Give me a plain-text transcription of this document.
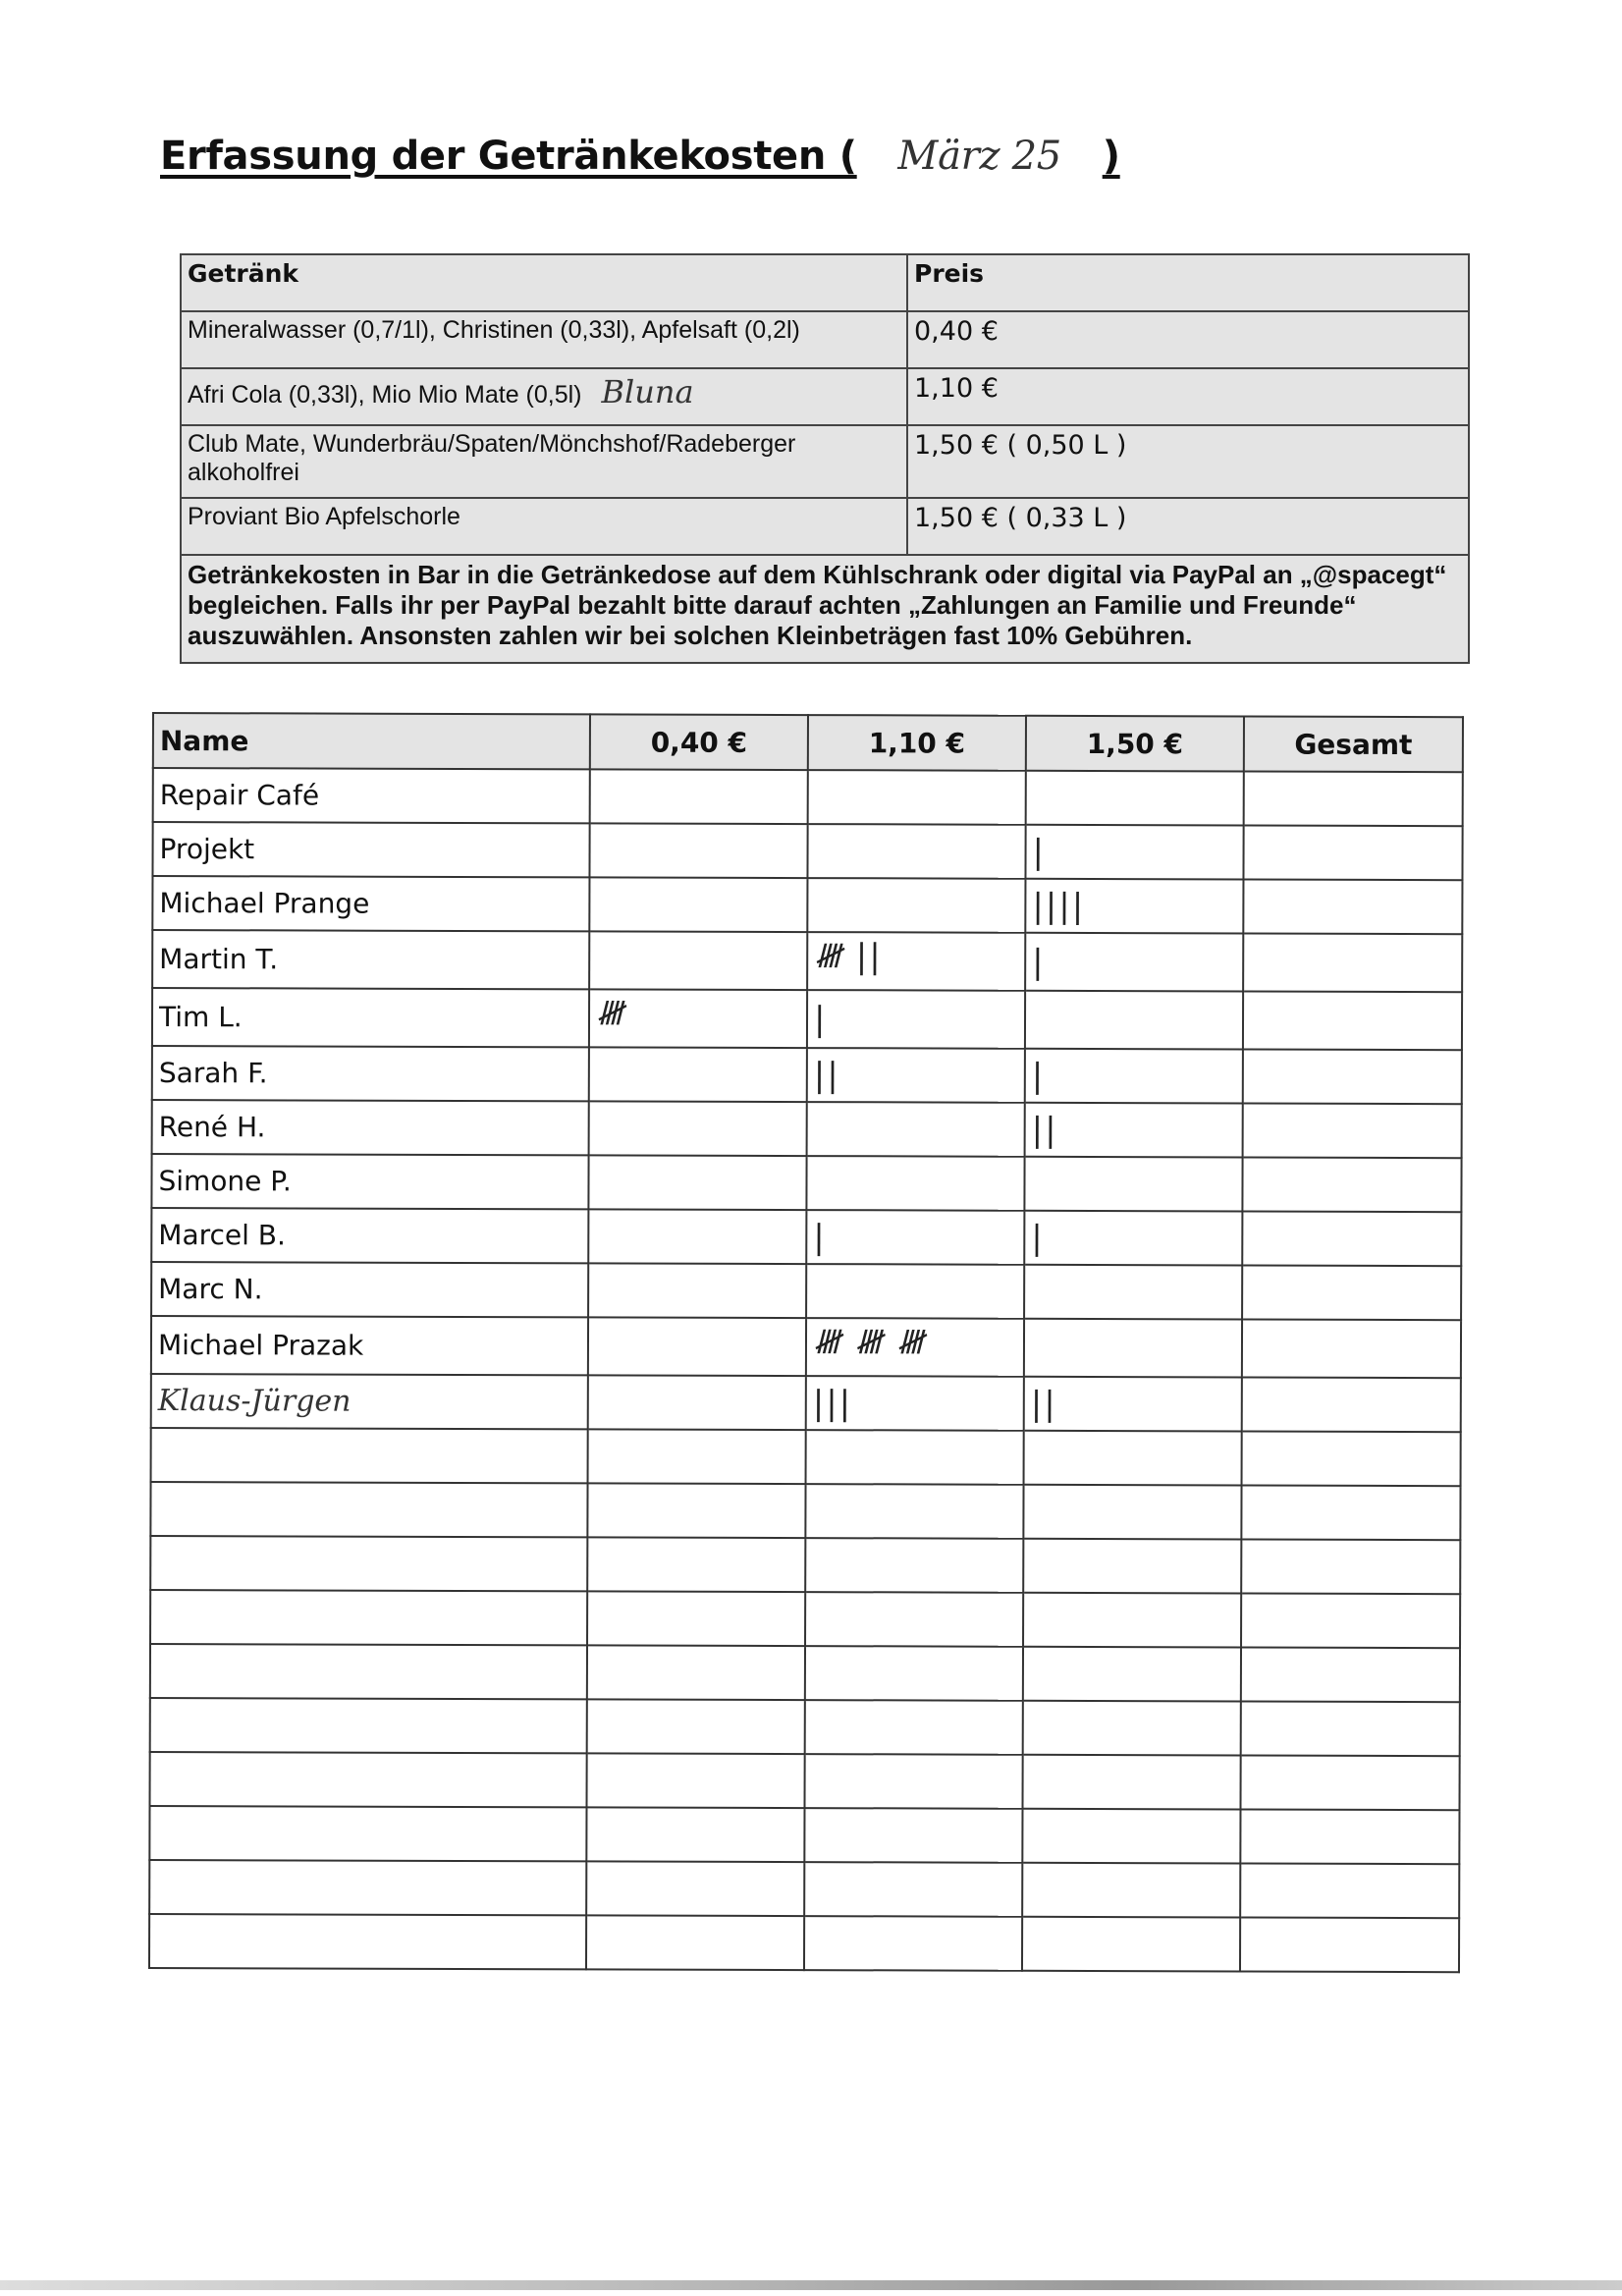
Erfassung der Getränkekosten ( März 25 )
Getränk	Preis
Mineralwasser (0,7/1l), Christinen (0,33l), Apfelsaft (0,2l)	0,40 €
Afri Cola (0,33l), Mio Mio Mate (0,5l) Bluna	1,10 €
Club Mate, Wunderbräu/Spaten/Mönchshof/Radeberger alkoholfrei	1,50 € ( 0,50 L )
Proviant Bio Apfelschorle	1,50 € ( 0,33 L )
Getränkekosten in Bar in die Getränkedose auf dem Kühlschrank oder digital via PayPal an „@spacegt“ begleichen. Falls ihr per PayPal bezahlt bitte darauf achten „Zahlungen an Familie und Freunde“ auszuwählen. Ansonsten zahlen wir bei solchen Kleinbeträgen fast 10% Gebühren.	
Name	0,40 €	1,10 €	1,50 €	Gesamt
Repair Café				
Projekt			|	
Michael Prange			||||	
Martin T.		𝍸 ||	|	
Tim L.	𝍸	|		
Sarah F.		||	|	
René H.			||	
Simone P.				
Marcel B.		|	|	
Marc N.				
Michael Prazak		𝍸 𝍸 𝍸		
Klaus-Jürgen		|||	||	
